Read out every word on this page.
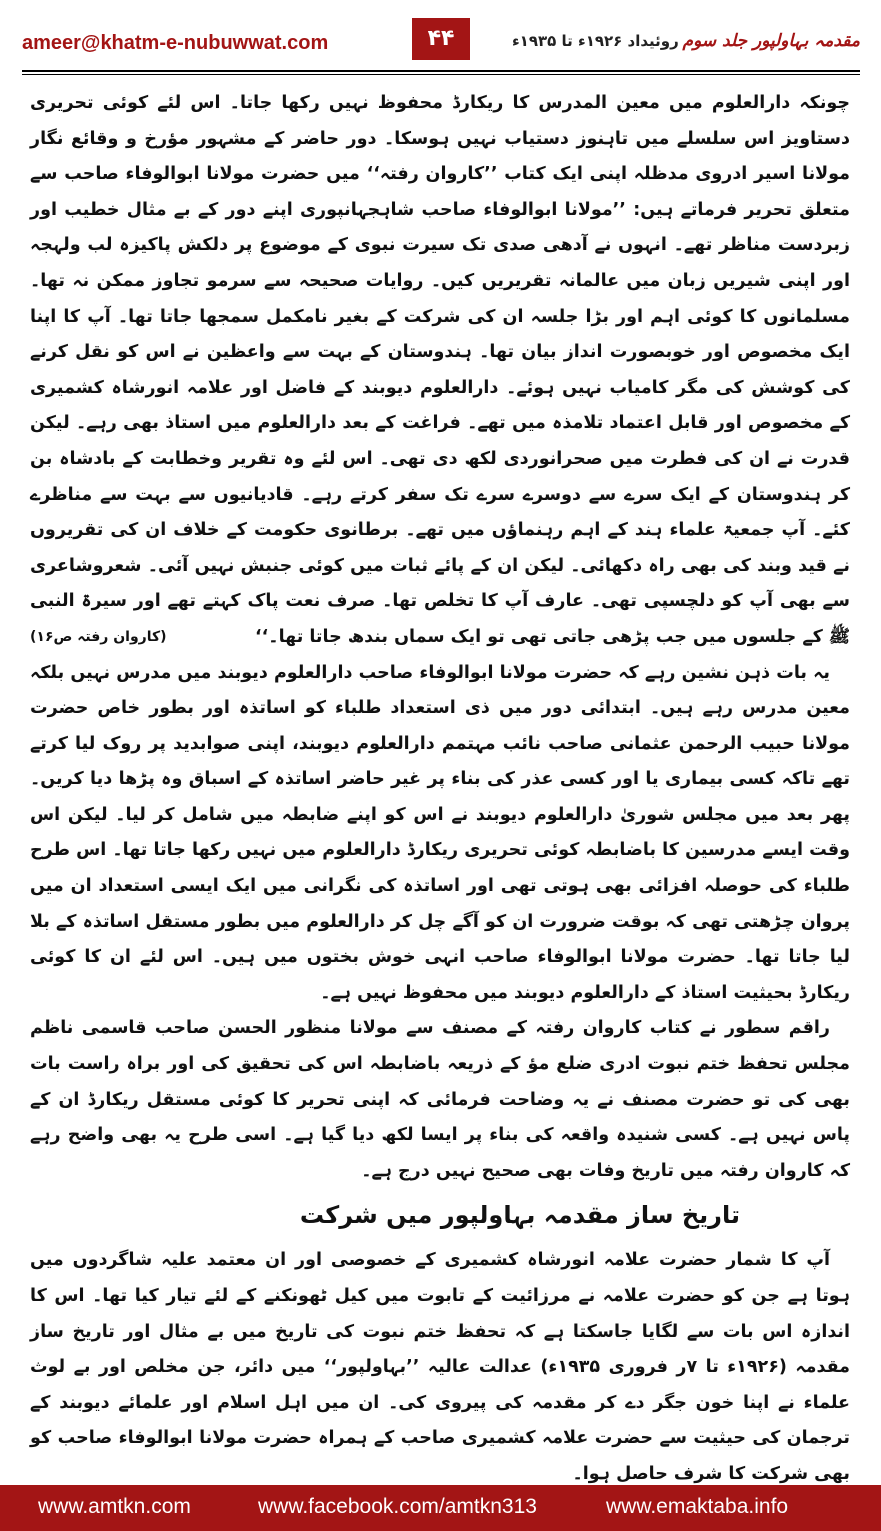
ameer@khatm-e-nubuwwat.com	۴۴	روئیداد ۱۹۲۶ء تا ۱۹۳۵ء مقدمہ بہاولپور جلد سوم

چونکہ دارالعلوم میں معین المدرس کا ریکارڈ محفوظ نہیں رکھا جاتا۔ اس لئے کوئی تحریری دستاویز اس سلسلے میں تاہنوز دستیاب نہیں ہوسکا۔ دور حاضر کے مشہور مؤرخ و وقائع نگار مولانا اسیر ادروی مدظلہ اپنی ایک کتاب ’’کاروان رفتہ‘‘ میں حضرت مولانا ابوالوفاء صاحب سے متعلق تحریر فرماتے ہیں: ’’مولانا ابوالوفاء صاحب شاہجہانپوری اپنے دور کے بے مثال خطیب اور زبردست مناظر تھے۔ انہوں نے آدھی صدی تک سیرت نبوی کے موضوع پر دلکش پاکیزہ لب ولہجہ اور اپنی شیریں زبان میں عالمانہ تقریریں کیں۔ روایات صحیحہ سے سرمو تجاوز ممکن نہ تھا۔ مسلمانوں کا کوئی اہم اور بڑا جلسہ ان کی شرکت کے بغیر نامکمل سمجھا جاتا تھا۔ آپ کا اپنا ایک مخصوص اور خوبصورت انداز بیان تھا۔ ہندوستان کے بہت سے واعظین نے اس کو نقل کرنے کی کوشش کی مگر کامیاب نہیں ہوئے۔ دارالعلوم دیوبند کے فاضل اور علامہ انورشاہ کشمیری کے مخصوص اور قابل اعتماد تلامذہ میں تھے۔ فراغت کے بعد دارالعلوم میں استاذ بھی رہے۔ لیکن قدرت نے ان کی فطرت میں صحرانوردی لکھ دی تھی۔ اس لئے وہ تقریر وخطابت کے بادشاہ بن کر ہندوستان کے ایک سرے سے دوسرے سرے تک سفر کرتے رہے۔ قادیانیوں سے بہت سے مناظرے کئے۔ آپ جمعیۃ علماء ہند کے اہم رہنماؤں میں تھے۔ برطانوی حکومت کے خلاف ان کی تقریروں نے قید وبند کی بھی راہ دکھائی۔ لیکن ان کے پائے ثبات میں کوئی جنبش نہیں آئی۔ شعروشاعری سے بھی آپ کو دلچسپی تھی۔ عارف آپ کا تخلص تھا۔ صرف نعت پاک کہتے تھے اور سیرۃ النبی ﷺ کے جلسوں میں جب پڑھی جاتی تھی تو ایک سماں بندھ جاتا تھا۔‘‘
(کاروان رفتہ ص۱۶)

یہ بات ذہن نشین رہے کہ حضرت مولانا ابوالوفاء صاحب دارالعلوم دیوبند میں مدرس نہیں بلکہ معین مدرس رہے ہیں۔ ابتدائی دور میں ذی استعداد طلباء کو اساتذہ اور بطور خاص حضرت مولانا حبیب الرحمن عثمانی صاحب نائب مہتمم دارالعلوم دیوبند، اپنی صوابدید پر روک لیا کرتے تھے تاکہ کسی بیماری یا اور کسی عذر کی بناء پر غیر حاضر اساتذہ کے اسباق وہ پڑھا دیا کریں۔ پھر بعد میں مجلس شوریٰ دارالعلوم دیوبند نے اس کو اپنے ضابطہ میں شامل کر لیا۔ لیکن اس وقت ایسے مدرسین کا باضابطہ کوئی تحریری ریکارڈ دارالعلوم میں نہیں رکھا جاتا تھا۔ اس طرح طلباء کی حوصلہ افزائی بھی ہوتی تھی اور اساتذہ کی نگرانی میں ایک ایسی استعداد ان میں پروان چڑھتی تھی کہ بوقت ضرورت ان کو آگے چل کر دارالعلوم میں بطور مستقل اساتذہ کے بلا لیا جاتا تھا۔ حضرت مولانا ابوالوفاء صاحب انہی خوش بختوں میں ہیں۔ اس لئے ان کا کوئی ریکارڈ بحیثیت استاذ کے دارالعلوم دیوبند میں محفوظ نہیں ہے۔

راقم سطور نے کتاب کاروان رفتہ کے مصنف سے مولانا منظور الحسن صاحب قاسمی ناظم مجلس تحفظ ختم نبوت ادری ضلع مؤ کے ذریعہ باضابطہ اس کی تحقیق کی اور براہ راست بات بھی کی تو حضرت مصنف نے یہ وضاحت فرمائی کہ اپنی تحریر کا کوئی مستقل ریکارڈ ان کے پاس نہیں ہے۔ کسی شنیدہ واقعہ کی بناء پر ایسا لکھ دیا گیا ہے۔ اسی طرح یہ بھی واضح رہے کہ کاروان رفتہ میں تاریخ وفات بھی صحیح نہیں درج ہے۔

تاریخ ساز مقدمہ بہاولپور میں شرکت

آپ کا شمار حضرت علامہ انورشاہ کشمیری کے خصوصی اور ان معتمد علیہ شاگردوں میں ہوتا ہے جن کو حضرت علامہ نے مرزائیت کے تابوت میں کیل ٹھونکنے کے لئے تیار کیا تھا۔ اس کا اندازہ اس بات سے لگایا جاسکتا ہے کہ تحفظ ختم نبوت کی تاریخ میں بے مثال اور تاریخ ساز مقدمہ (۱۹۲۶ء تا ۷ر فروری ۱۹۳۵ء) عدالت عالیہ ’’بہاولپور‘‘ میں دائر، جن مخلص اور بے لوث علماء نے اپنا خون جگر دے کر مقدمہ کی پیروی کی۔ ان میں اہل اسلام اور علمائے دیوبند کے ترجمان کی حیثیت سے حضرت علامہ کشمیری صاحب کے ہمراہ حضرت مولانا ابوالوفاء صاحب کو بھی شرکت کا شرف حاصل ہوا۔

www.amtkn.com	www.facebook.com/amtkn313	www.emaktaba.info
